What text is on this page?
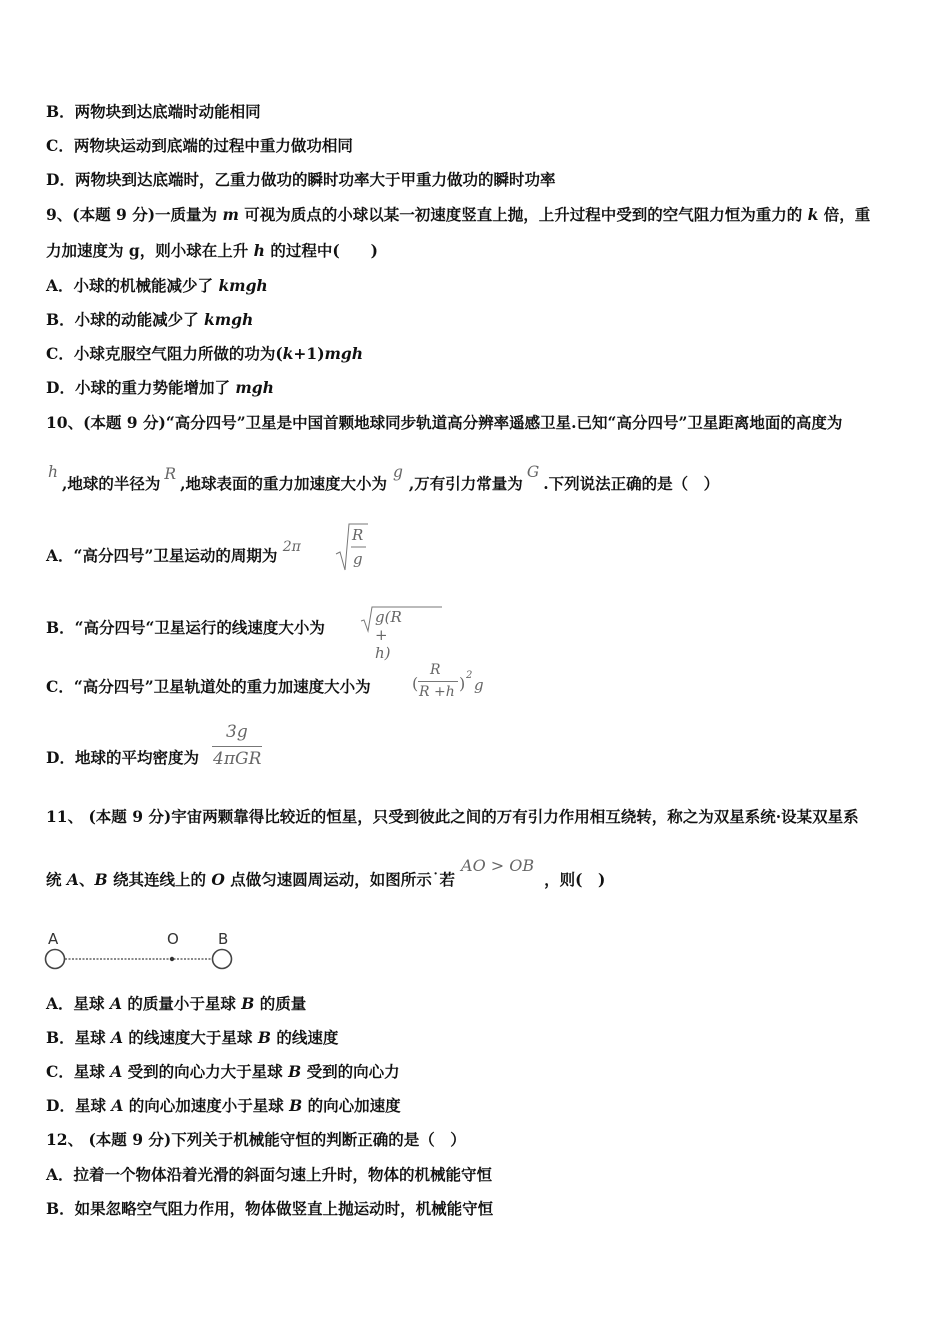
B．两物块到达底端时动能相同
C．两物块运动到底端的过程中重力做功相同
D．两物块到达底端时，乙重力做功的瞬时功率大于甲重力做功的瞬时功率
9、(本题 9 分)一质量为 m 可视为质点的小球以某一初速度竖直上抛，上升过程中受到的空气阻力恒为重力的 k 倍，重
力加速度为 g，则小球在上升 h 的过程中(　　)
A．小球的机械能减少了 kmgh
B．小球的动能减少了 kmgh
C．小球克服空气阻力所做的功为(k+1)mgh
D．小球的重力势能增加了 mgh
10、(本题 9 分)“高分四号”卫星是中国首颗地球同步轨道高分辨率遥感卫星.已知“高分四号”卫星距离地面的高度为
h,地球的半径为 R ,地球表面的重力加速度大小为g,万有引力常量为G.下列说法正确的是（　）
A．“高分四号”卫星运动的周期为 2π
R
g
B．“高分四号“卫星运行的线速度大小为
g(R + h)
C．“高分四号”卫星轨道处的重力加速度大小为	(
R
R +h ) 2
g
D．地球的平均密度为
3g
4πGR
11、 (本题 9 分)宇宙两颗靠得比较近的恒星，只受到彼此之间的万有引力作用相互绕转，称之为双星系统·设某双星系
统 A、B 绕其连线上的 O 点做匀速圆周运动，如图所示˙若AO > OB，则(　)
A	O	B
A．星球 A 的质量小于星球 B 的质量
B．星球 A 的线速度大于星球 B 的线速度
C．星球 A 受到的向心力大于星球 B 受到的向心力
D．星球 A 的向心加速度小于星球 B 的向心加速度
12、 (本题 9 分)下列关于机械能守恒的判断正确的是（　）
A．拉着一个物体沿着光滑的斜面匀速上升时，物体的机械能守恒
B．如果忽略空气阻力作用，物体做竖直上抛运动时，机械能守恒
